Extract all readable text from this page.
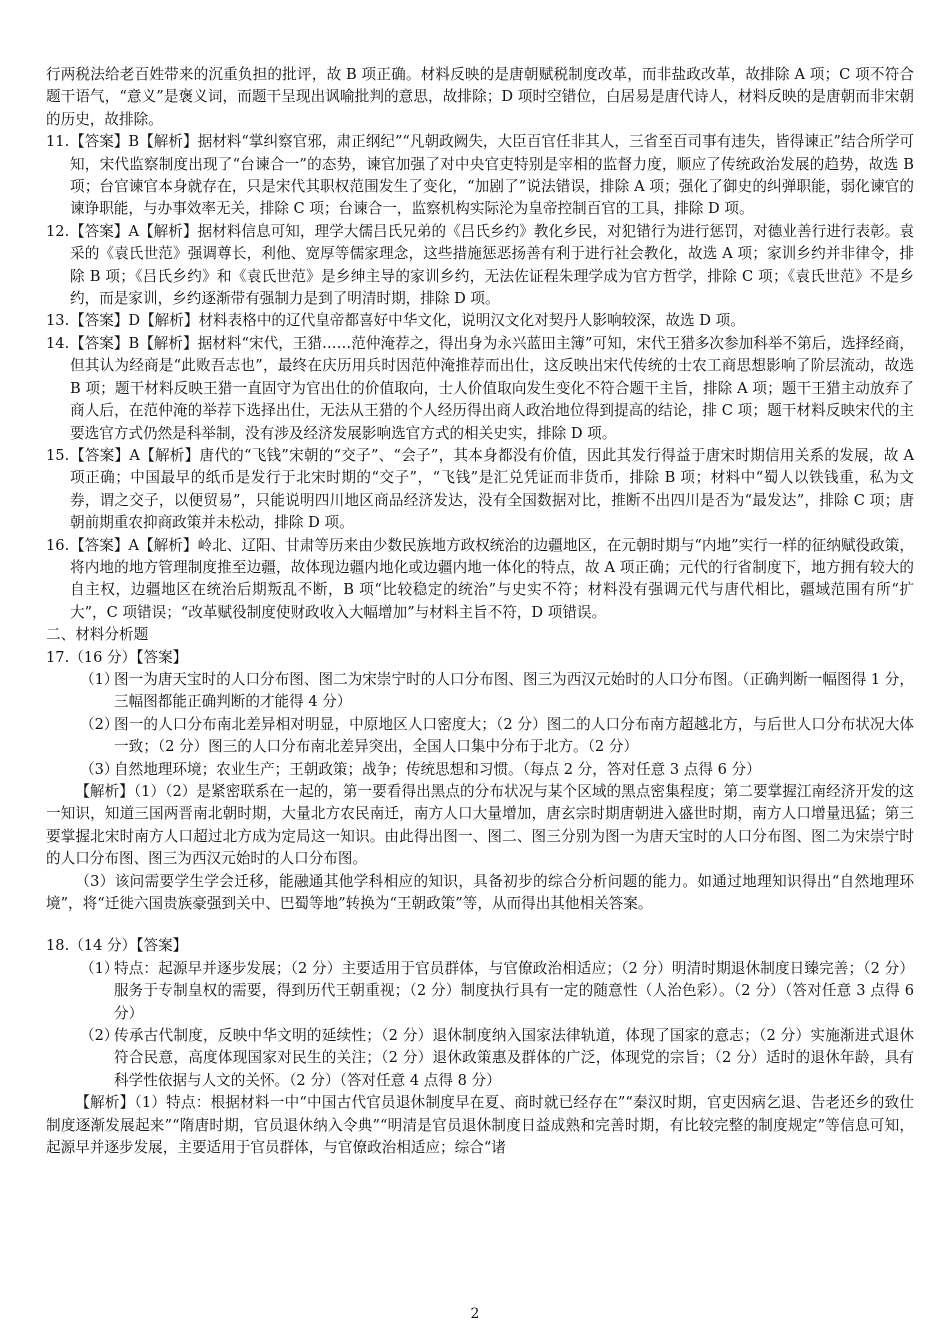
行两税法给老百姓带来的沉重负担的批评，故 B 项正确。材料反映的是唐朝赋税制度改革，而非盐政改革，故排除 A 项；C 项不符合题干语气，“意义”是褒义词，而题干呈现出讽喻批判的意思，故排除；D 项时空错位，白居易是唐代诗人，材料反映的是唐朝而非宋朝的历史，故排除。

11. 【答案】B【解析】据材料“掌纠察官邪，肃正纲纪”“凡朝政阙失，大臣百官任非其人，三省至百司事有违失，皆得谏正”结合所学可知，宋代监察制度出现了“台谏合一”的态势，谏官加强了对中央官吏特别是宰相的监督力度，顺应了传统政治发展的趋势，故选 B 项；台官谏官本身就存在，只是宋代其职权范围发生了变化，“加剧了”说法错误，排除 A 项；强化了御史的纠弹职能，弱化谏官的谏诤职能，与办事效率无关，排除 C 项；台谏合一，监察机构实际沦为皇帝控制百官的工具，排除 D 项。

12. 【答案】A【解析】据材料信息可知，理学大儒吕氏兄弟的《吕氏乡约》教化乡民，对犯错行为进行惩罚，对德业善行进行表彰。袁采的《袁氏世范》强调尊长，利他、宽厚等儒家理念，这些措施惩恶扬善有利于进行社会教化，故选 A 项；家训乡约并非律令，排除 B 项；《吕氏乡约》和《袁氏世范》是乡绅主导的家训乡约，无法佐证程朱理学成为官方哲学，排除 C 项；《袁氏世范》不是乡约，而是家训，乡约逐渐带有强制力是到了明清时期，排除 D 项。

13. 【答案】D【解析】材料表格中的辽代皇帝都喜好中华文化，说明汉文化对契丹人影响较深，故选 D 项。

14. 【答案】B【解析】据材料“宋代，王猎……范仲淹荐之，得出身为永兴蓝田主簿”可知，宋代王猎多次参加科举不第后，选择经商，但其认为经商是“此败吾志也”，最终在庆历用兵时因范仲淹推荐而出仕，这反映出宋代传统的士农工商思想影响了阶层流动，故选 B 项；题干材料反映王猎一直固守为官出仕的价值取向，士人价值取向发生变化不符合题干主旨，排除 A 项；题干王猎主动放弃了商人后，在范仲淹的举荐下选择出仕，无法从王猎的个人经历得出商人政治地位得到提高的结论，排 C 项；题干材料反映宋代的主要选官方式仍然是科举制，没有涉及经济发展影响选官方式的相关史实，排除 D 项。

15. 【答案】A【解析】唐代的“飞钱”宋朝的“交子”、“会子”，其本身都没有价值，因此其发行得益于唐宋时期信用关系的发展，故 A 项正确；中国最早的纸币是发行于北宋时期的“交子”，“飞钱”是汇兑凭证而非货币，排除 B 项；材料中“蜀人以铁钱重，私为文券，谓之交子，以便贸易”，只能说明四川地区商品经济发达，没有全国数据对比，推断不出四川是否为“最发达”，排除 C 项；唐朝前期重农抑商政策并未松动，排除 D 项。

16. 【答案】A【解析】岭北、辽阳、甘肃等历来由少数民族地方政权统治的边疆地区，在元朝时期与“内地”实行一样的征纳赋役政策，将内地的地方管理制度推至边疆，故体现边疆内地化或边疆内地一体化的特点，故 A 项正确；元代的行省制度下，地方拥有较大的自主权，边疆地区在统治后期叛乱不断，B 项“比较稳定的统治”与史实不符；材料没有强调元代与唐代相比，疆域范围有所“扩大”，C 项错误；“改革赋役制度使财政收入大幅增加”与材料主旨不符，D 项错误。

二、材料分析题

17.（16 分）【答案】

（1）

图一为唐天宝时的人口分布图、图二为宋崇宁时的人口分布图、图三为西汉元始时的人口分布图。（正确判断一幅图得 1 分，三幅图都能正确判断的才能得 4 分）

（2）

图一的人口分布南北差异相对明显，中原地区人口密度大；（2 分）图二的人口分布南方超越北方，与后世人口分布状况大体一致；（2 分）图三的人口分布南北差异突出，全国人口集中分布于北方。（2 分）

（3）

自然地理环境；农业生产；王朝政策；战争；传统思想和习惯。（每点 2 分，答对任意 3 点得 6 分）

【解析】（1）（2）是紧密联系在一起的，第一要看得出黑点的分布状况与某个区域的黑点密集程度；第二要掌握江南经济开发的这一知识，知道三国两晋南北朝时期，大量北方农民南迁，南方人口大量增加，唐玄宗时期唐朝进入盛世时期，南方人口增量迅猛；第三要掌握北宋时南方人口超过北方成为定局这一知识。由此得出图一、图二、图三分别为图一为唐天宝时的人口分布图、图二为宋崇宁时的人口分布图、图三为西汉元始时的人口分布图。

（3）该问需要学生学会迁移，能融通其他学科相应的知识，具备初步的综合分析问题的能力。如通过地理知识得出“自然地理环境”，将“迁徙六国贵族豪强到关中、巴蜀等地”转换为“王朝政策”等，从而得出其他相关答案。

18.（14 分）【答案】

（1）

特点：起源早并逐步发展；（2 分）主要适用于官员群体，与官僚政治相适应；（2 分）明清时期退休制度日臻完善；（2 分）服务于专制皇权的需要，得到历代王朝重视；（2 分）制度执行具有一定的随意性（人治色彩）。（2 分）（答对任意 3 点得 6 分）

（2）

传承古代制度，反映中华文明的延续性；（2 分）退休制度纳入国家法律轨道，体现了国家的意志；（2 分）实施渐进式退休符合民意，高度体现国家对民生的关注；（2 分）退休政策惠及群体的广泛，体现党的宗旨；（2 分）适时的退休年龄，具有科学性依据与人文的关怀。（2 分）（答对任意 4 点得 8 分）

【解析】（1）特点：根据材料一中“中国古代官员退休制度早在夏、商时就已经存在”“秦汉时期，官吏因病乞退、告老还乡的致仕制度逐渐发展起来”“隋唐时期，官员退休纳入令典”“明清是官员退休制度日益成熟和完善时期，有比较完整的制度规定”等信息可知，起源早并逐步发展，主要适用于官员群体，与官僚政治相适应；综合“诸

2
